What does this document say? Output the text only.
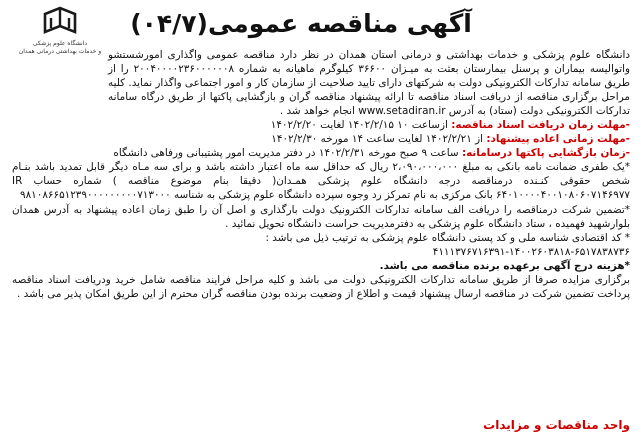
دانشگاه علوم پزشکی
و خدمات بهداشتی درمانی همدان
آگهی مناقصه عمومی(۰۴/۷)
دانشگاه علوم پزشکی و خدمات بهداشتی و درمانی استان همدان در نظر دارد مناقصه عمومی واگذاری امورشستشو واتوالیسه بیماران و پرسنل بیمارستان بعثت به میـزان ۳۶۶۰۰ کیلوگرم ماهیانه به شماره ۲۰۰۴۰۰۰۰۲۳۶۰۰۰۰۰۰۸ را از طریق سامانه تدارکات الکترونیکی دولت به شرکتهای دارای تایید صلاحیت از سازمان کار و امور اجتماعی واگذار نماید. کلیه مراحل برگزاری مناقصه از دریافت اسناد مناقصه تا ارائه پیشنهاد مناقصه گران و بازگشایی پاکتها از طریق درگاه سامانه تدارکات الکترونیکی دولت (ستاد) به آدرس www.setadiran.ir انجام خواهد شد .
-مهلت زمان دریافت اسناد مناقصه: ازساعت ۱۰ ۱۴۰۲/۲/۱۵ لغایت ۱۴۰۲/۲/۲۰
-مهلت زمانی اعاده پیشنهاد: از ۱۴۰۲/۲/۲۱ لغایت ساعت ۱۴ مورخه ۱۴۰۲/۲/۳۰
-زمان بازگشایی پاکتها درسامانه: ساعت ۹ صبح مورخه ۱۴۰۲/۲/۳۱ در دفتر مدیریت امور پشتیبانی ورفاهی دانشگاه
*یک طفری ضمانت نامه بانکی به مبلغ ۲،۰۹۰،۰۰۰،۰۰۰ ریال که حداقل سه ماه اعتبار داشته باشد و برای سه مـاه دیگر قابل تمدید باشد بنـام شخص حقوقی کنـنده درمناقصه درجه دانشگاه علوم پزشکی همـدان( دقیقا بنام موضوع مناقصه ) شماره حساب IR ۶۴۰۱۰۰۰۰۴۰۰۱۰۸۰۶۰۷۱۴۶۹۷۷ بانک مرکزی به نام تمرکز رد وجوه سپرده دانشگاه علوم پزشکی به شناسه ۹۸۱۰۸۶۶۵۱۲۳۹۰۰۰۰۰۰۰۰۰۷۱۳۰۰۰
*تضمین شرکت درمناقصه را دریافت الف سامانه تدارکات الکترونیک دولت بارگذاری و اصل آن را طبق زمان اعاده پیشنهاد به آدرس همدان بلوارشهید فهمیده ، ستاد دانشگاه علوم پزشکی به دفترمدیریت حراست دانشگاه تحویل نمائید .
* کد اقتصادی شناسه ملی و کد پستی دانشگاه علوم پزشکی به ترتیب ذیل می باشد :
۴۱۱۱۳۷۶۷۱۶۳۹۱-۱۴۰۰۲۶۰۳۸۱۸-۶۵۱۷۸۳۸۷۳۶
*هزینه درج آگهی برعهده برنده مناقصه می باشد.
برگزاری مزایده صرفا از طریق سامانه تدارکات الکترونیکی دولت می باشد و کلیه مراحل فرایند مناقصه شامل خرید ودریافت اسناد مناقصه پرداخت تضمین شرکت در مناقصه ارسال پیشنهاد قیمت و اطلاع از وضعیت برنده بودن مناقصه گران محترم از این طریق امکان پذیر می باشد .
واحد مناقصات و مزایدات
